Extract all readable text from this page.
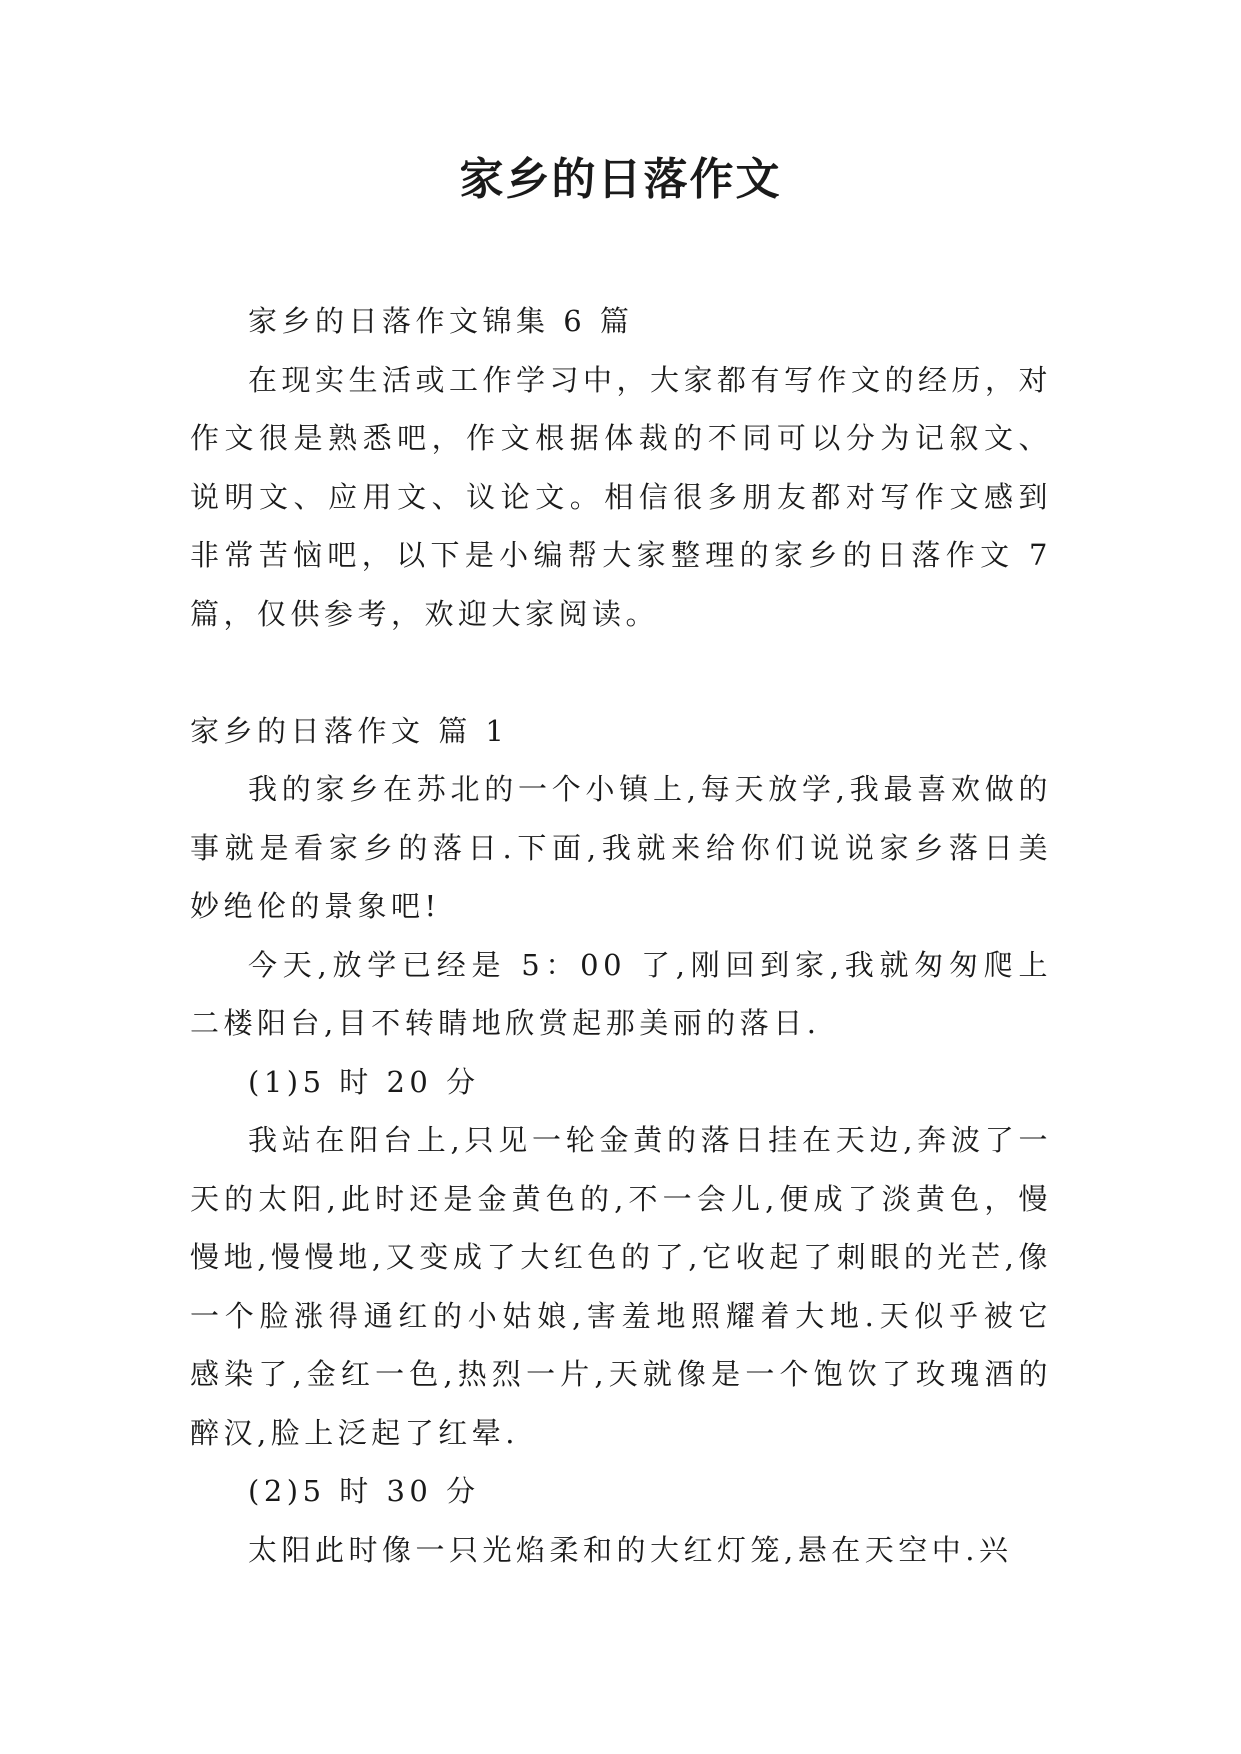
家乡的日落作文

家乡的日落作文锦集 6 篇

在现实生活或工作学习中，大家都有写作文的经历，对作文很是熟悉吧，作文根据体裁的不同可以分为记叙文、说明文、应用文、议论文。相信很多朋友都对写作文感到非常苦恼吧，以下是小编帮大家整理的家乡的日落作文 7 篇，仅供参考，欢迎大家阅读。

家乡的日落作文 篇 1

我的家乡在苏北的一个小镇上,每天放学,我最喜欢做的事就是看家乡的落日.下面,我就来给你们说说家乡落日美妙绝伦的景象吧!

今天,放学已经是 5：00 了,刚回到家,我就匆匆爬上二楼阳台,目不转睛地欣赏起那美丽的落日.

(1)5 时 20 分

我站在阳台上,只见一轮金黄的落日挂在天边,奔波了一天的太阳,此时还是金黄色的,不一会儿,便成了淡黄色，慢慢地,慢慢地,又变成了大红色的了,它收起了刺眼的光芒,像一个脸涨得通红的小姑娘,害羞地照耀着大地.天似乎被它感染了,金红一色,热烈一片,天就像是一个饱饮了玫瑰酒的醉汉,脸上泛起了红晕.

(2)5 时 30 分

太阳此时像一只光焰柔和的大红灯笼,悬在天空中.兴
